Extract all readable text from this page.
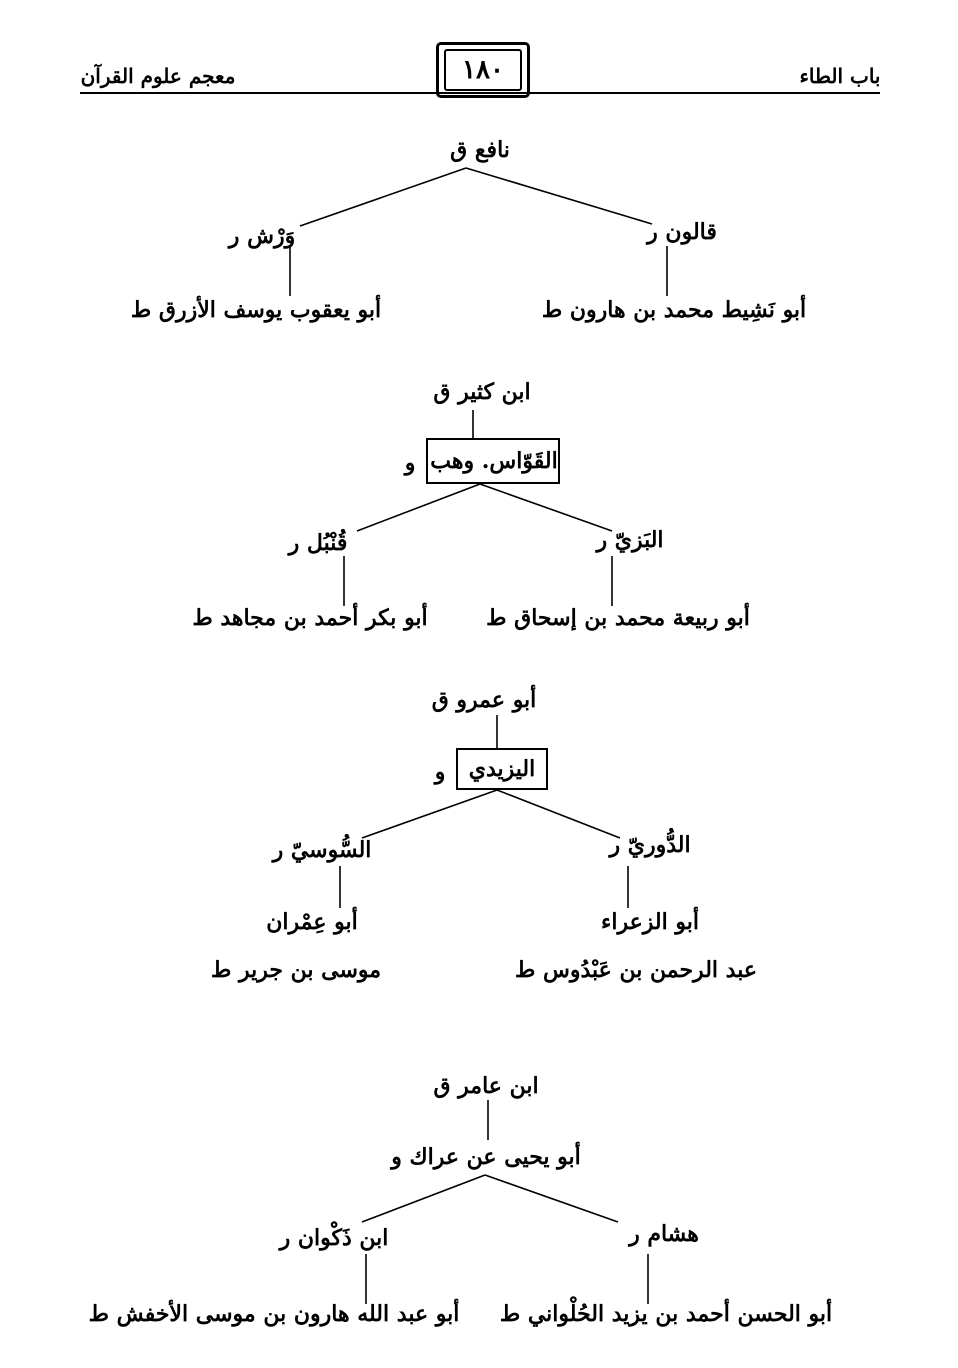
باب الطاء
١٨٠
معجم علوم القرآن
نافع ق
قالون ر
وَرْش ر
أبو نَشِيط محمد بن هارون ط
أبو يعقوب يوسف الأزرق ط
ابن كثير ق
القَوّاس. وهب
و
البَزيّ ر
قُنْبُل ر
أبو ربيعة محمد بن إسحاق ط
أبو بكر أحمد بن مجاهد ط
أبو عمرو ق
اليزيدي
و
الدُّوريّ ر
السُّوسيّ ر
أبو الزعراء
أبو عِمْران
عبد الرحمن بن عَبْدُوس ط
موسى بن جرير ط
ابن عامر ق
أبو يحيى عن عراك و
هشام ر
ابن ذَكْوان ر
أبو الحسن أحمد بن يزيد الحُلْواني ط
أبو عبد الله هارون بن موسى الأخفش ط
